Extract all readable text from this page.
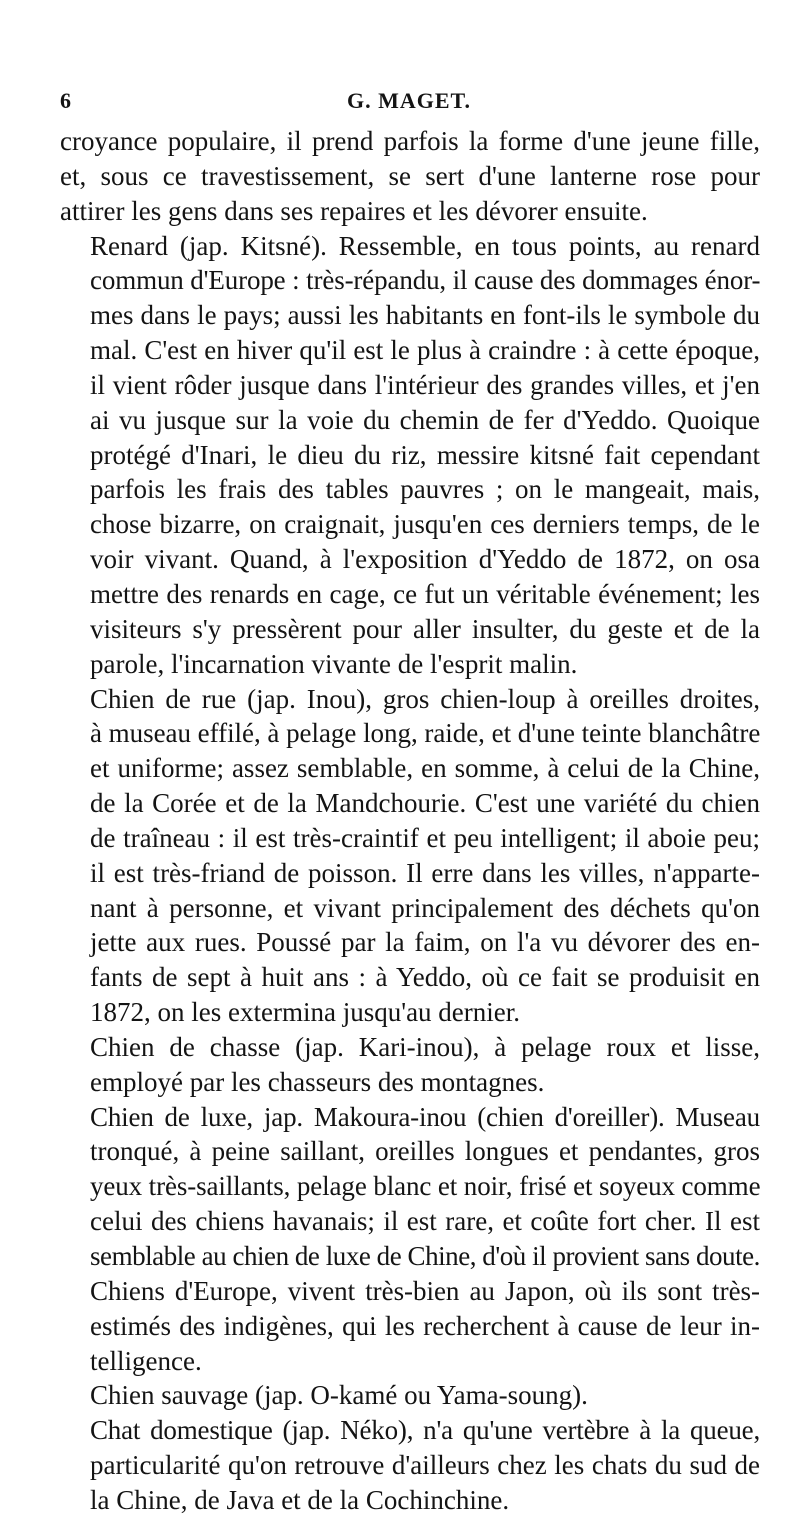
6	G. MAGET.

croyance populaire, il prend parfois la forme d'une jeune fille,
et, sous ce travestissement, se sert d'une lanterne rose pour
attirer les gens dans ses repaires et les dévorer ensuite.

Renard (jap. Kitsné). Ressemble, en tous points, au renard
commun d'Europe : très-répandu, il cause des dommages énor-
mes dans le pays; aussi les habitants en font-ils le symbole du
mal. C'est en hiver qu'il est le plus à craindre : à cette époque,
il vient rôder jusque dans l'intérieur des grandes villes, et j'en
ai vu jusque sur la voie du chemin de fer d'Yeddo. Quoique
protégé d'Inari, le dieu du riz, messire kitsné fait cependant
parfois les frais des tables pauvres ; on le mangeait, mais,
chose bizarre, on craignait, jusqu'en ces derniers temps, de le
voir vivant. Quand, à l'exposition d'Yeddo de 1872, on osa
mettre des renards en cage, ce fut un véritable événement; les
visiteurs s'y pressèrent pour aller insulter, du geste et de la
parole, l'incarnation vivante de l'esprit malin.

Chien de rue (jap. Inou), gros chien-loup à oreilles droites,
à museau effilé, à pelage long, raide, et d'une teinte blanchâtre
et uniforme; assez semblable, en somme, à celui de la Chine,
de la Corée et de la Mandchourie. C'est une variété du chien
de traîneau : il est très-craintif et peu intelligent; il aboie peu;
il est très-friand de poisson. Il erre dans les villes, n'apparte-
nant à personne, et vivant principalement des déchets qu'on
jette aux rues. Poussé par la faim, on l'a vu dévorer des en-
fants de sept à huit ans : à Yeddo, où ce fait se produisit en
1872, on les extermina jusqu'au dernier.

Chien de chasse (jap. Kari-inou), à pelage roux et lisse,
employé par les chasseurs des montagnes.

Chien de luxe, jap. Makoura-inou (chien d'oreiller). Museau
tronqué, à peine saillant, oreilles longues et pendantes, gros
yeux très-saillants, pelage blanc et noir, frisé et soyeux comme
celui des chiens havanais; il est rare, et coûte fort cher. Il est
semblable au chien de luxe de Chine, d'où il provient sans doute.

Chiens d'Europe, vivent très-bien au Japon, où ils sont très-
estimés des indigènes, qui les recherchent à cause de leur in-
telligence.

Chien sauvage (jap. O-kamé ou Yama-soung).

Chat domestique (jap. Néko), n'a qu'une vertèbre à la queue,
particularité qu'on retrouve d'ailleurs chez les chats du sud de
la Chine, de Java et de la Cochinchine.
